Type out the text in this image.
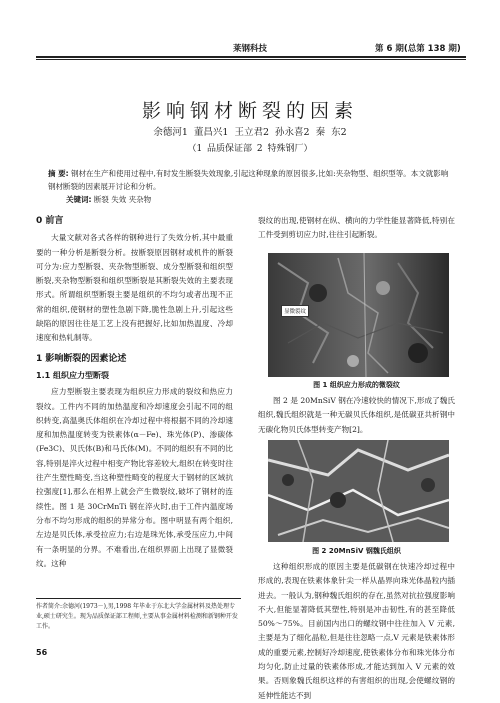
莱钢科技	第 6 期(总第 138 期)
影响钢材断裂的因素
余德河1 董昌兴1 王立君2 孙永喜2 秦 东2
（1 品质保证部 2 特殊钢厂）
摘 要: 钢材在生产和使用过程中,有时发生断裂失效现象,引起这种现象的原因很多,比如:夹杂物型、组织型等。本文就影响钢材断裂的因素展开讨论和分析。
关键词: 断裂 失效 夹杂物
0 前言

大量文献对各式各样的钢种进行了失效分析,其中最重要的一种分析是断裂分析。按断裂原因钢材或机件的断裂可分为:应力型断裂、夹杂物型断裂、成分型断裂和组织型断裂,夹杂物型断裂和组织型断裂是其断裂失效的主要表现形式。所谓组织型断裂主要是组织的不均匀或者出现不正常的组织,使钢材的塑性急剧下降,脆性急剧上升,引起这些缺陷的原因往往是工艺上没有把握好,比如加热温度、冷却速度和热轧制等。

1 影响断裂的因素论述
1.1 组织应力型断裂

应力型断裂主要表现为组织应力形成的裂纹和热应力裂纹。工件内不同的加热温度和冷却速度会引起不同的组织转变,高温奥氏体组织在冷却过程中将根据不同的冷却速度和加热温度转变为铁素体(α－Fe)、珠光体(P)、渗碳体(Fe3C)、贝氏体(B)和马氏体(M)。不同的组织有不同的比容,特别是淬火过程中相变产物比容差较大,组织在转变时往往产生塑性畸变,当这种塑性畸变的程度大于钢材的区域抗拉强度[1],那么在相界上就会产生微裂纹,破坏了钢材的连续性。图 1 是 30CrMnTi 钢在淬火时,由于工件内温度场分布不均匀形成的组织的异常分布。图中明显有两个组织,左边是贝氏体,承受拉应力;右边是珠光体,承受压应力,中间有一条明显的分界。不难看出,在组织界面上出现了显微裂纹。这种

裂纹的出现,使钢材在纵、横向的力学性能显著降低,特别在工件受到剪切应力时,往往引起断裂。

显微裂纹
图 1 组织应力形成的微裂纹

图 2 是 20MnSiV 钢在冷速较快的情况下,形成了魏氏组织,魏氏组织就是一种无碳贝氏体组织,是低碳亚共析钢中无碳化物贝氏体型转变产物[2]。

图 2 20MnSiV 钢魏氏组织

这种组织形成的原因主要是低碳钢在快速冷却过程中形成的,表现在铁素体象针尖一样从晶界向珠光体晶粒内插进去。一般认为,钢种魏氏组织的存在,虽然对抗拉强度影响不大,但能显著降低其塑性,特别是冲击韧性,有的甚至降低 50%～75%。目前国内出口的螺纹钢中往往加入 V 元素,主要是为了细化晶粒,但是往往忽略一点,V 元素是铁素体形成的重要元素,控制好冷却速度,使铁素体分布和珠光体分布均匀化,防止过量的铁素体形成,才能达到加入 V 元素的效果。否则象魏氏组织这样的有害组织的出现,会使螺纹钢的延伸性能达不到

作者简介:余德河(1973－),男,1998 年毕业于东北大学金属材料及热处理专业,硕士研究生。现为品质保证部工程师,主要从事金属材料检测和新钢种开发工作。
56
